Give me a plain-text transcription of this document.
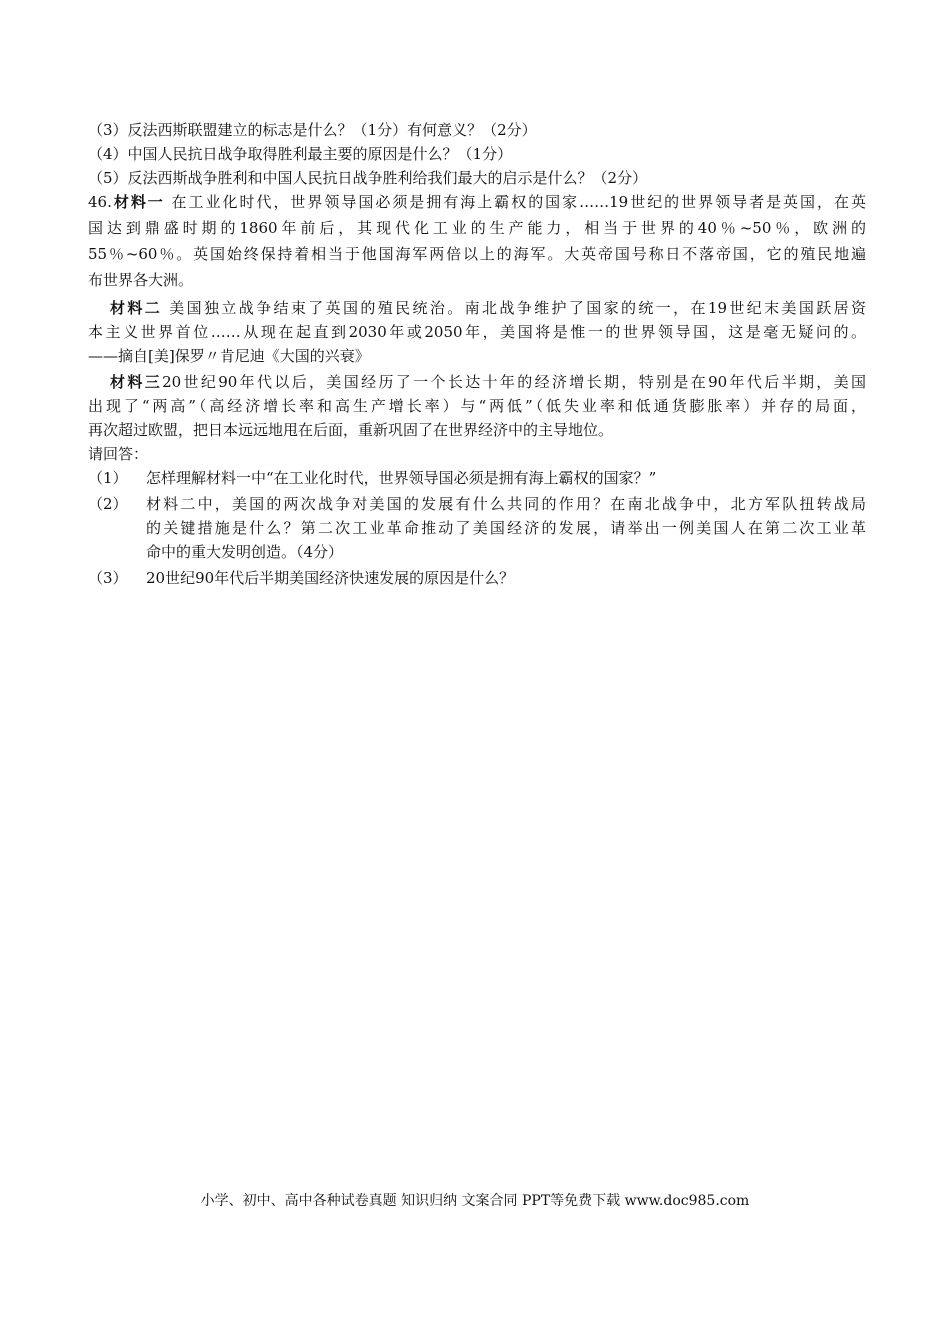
（3）反法西斯联盟建立的标志是什么？（1分）有何意义？（2分）
（4）中国人民抗日战争取得胜利最主要的原因是什么？（1分）
（5）反法西斯战争胜利和中国人民抗日战争胜利给我们最大的启示是什么？（2分）
46.材料一 在工业化时代，世界领导国必须是拥有海上霸权的国家……19世纪的世界领导者是英国，在英
国达到鼎盛时期的1860年前后，其现代化工业的生产能力，相当于世界的40％~50％，欧洲的
55％~60％。英国始终保持着相当于他国海军两倍以上的海军。大英帝国号称日不落帝国，它的殖民地遍
布世界各大洲。
材料二 美国独立战争结束了英国的殖民统治。南北战争维护了国家的统一，在19世纪末美国跃居资
本主义世界首位……从现在起直到2030年或2050年，美国将是惟一的世界领导国，这是毫无疑问的。
——摘自[美]保罗〃肯尼迪《大国的兴衰》
材料三20世纪90年代以后，美国经历了一个长达十年的经济增长期，特别是在90年代后半期，美国
出现了“两高”（高经济增长率和高生产增长率）与“两低”（低失业率和低通货膨胀率）并存的局面，
再次超过欧盟，把日本远远地甩在后面，重新巩固了在世界经济中的主导地位。
请回答：
（1） 怎样理解材料一中“在工业化时代，世界领导国必须是拥有海上霸权的国家？”
（2） 材料二中，美国的两次战争对美国的发展有什么共同的作用？在南北战争中，北方军队扭转战局
的关键措施是什么？第二次工业革命推动了美国经济的发展，请举出一例美国人在第二次工业革
命中的重大发明创造。（4分）
（3） 20世纪90年代后半期美国经济快速发展的原因是什么？
小学、初中、高中各种试卷真题 知识归纳 文案合同 PPT等免费下载 www.doc985.com
